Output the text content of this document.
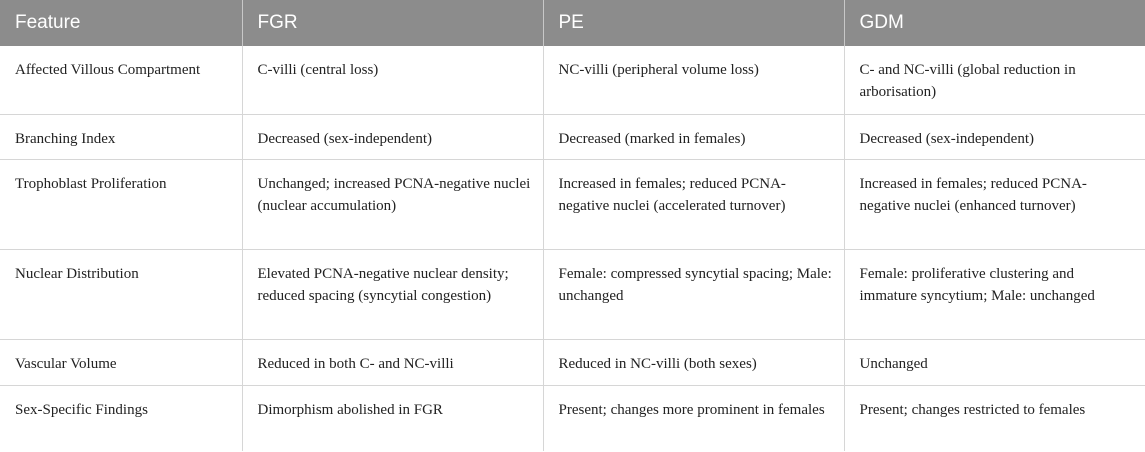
Feature	FGR	PE	GDM
Affected Villous Compartment	C-villi (central loss)	NC-villi (peripheral volume loss)	C- and NC-villi (global reduction in arborisation)
Branching Index	Decreased (sex-independent)	Decreased (marked in females)	Decreased (sex-independent)
Trophoblast Proliferation	Unchanged; increased PCNA-negative nuclei (nuclear accumulation)	Increased in females; reduced PCNA-negative nuclei (accelerated turnover)	Increased in females; reduced PCNA-negative nuclei (enhanced turnover)
Nuclear Distribution	Elevated PCNA-negative nuclear density; reduced spacing (syncytial congestion)	Female: compressed syncytial spacing; Male: unchanged	Female: proliferative clustering and immature syncytium; Male: unchanged
Vascular Volume	Reduced in both C- and NC-villi	Reduced in NC-villi (both sexes)	Unchanged
Sex-Specific Findings	Dimorphism abolished in FGR	Present; changes more prominent in females	Present; changes restricted to females
